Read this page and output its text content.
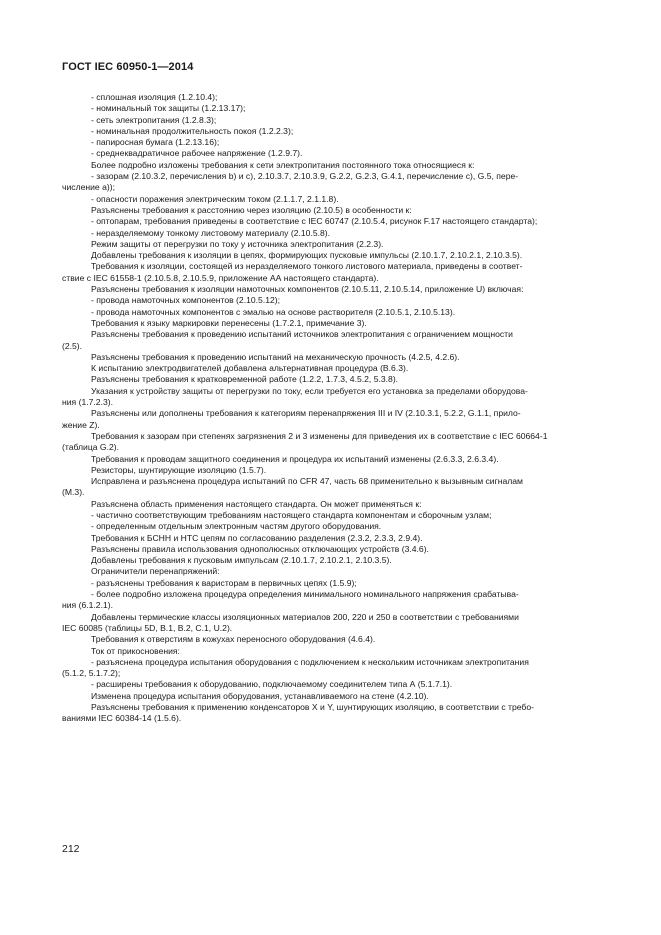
ГОСТ IEC 60950-1—2014
- сплошная изоляция (1.2.10.4);
- номинальный ток защиты (1.2.13.17);
- сеть электропитания (1.2.8.3);
- номинальная продолжительность покоя (1.2.2.3);
- папиросная бумага (1.2.13.16);
- среднеквадратичное рабочее напряжение (1.2.9.7).
Более подробно изложены требования к сети электропитания постоянного тока относящиеся к:
- зазорам (2.10.3.2, перечисления b) и с), 2.10.3.7, 2.10.3.9, G.2.2, G.2.3, G.4.1, перечисление с), G.5, пере-
числение а));
- опасности поражения электрическим током (2.1.1.7, 2.1.1.8).
Разъяснены требования к расстоянию через изоляцию (2.10.5) в особенности к:
- оптопарам, требования приведены в соответствие с IEC 60747 (2.10.5.4, рисунок F.17 настоящего стандарта);
- неразделяемому тонкому листовому материалу (2.10.5.8).
Режим защиты от перегрузки по току у источника электропитания (2.2.3).
Добавлены требования к изоляции в цепях, формирующих пусковые импульсы (2.10.1.7, 2.10.2.1, 2.10.3.5).
Требования к изоляции, состоящей из неразделяемого тонкого листового материала, приведены в соответ-
ствие с IEC 61558-1 (2.10.5.8, 2.10.5.9, приложение АА настоящего стандарта).
Разъяснены требования к изоляции намоточных компонентов (2.10.5.11, 2.10.5.14, приложение U) включая:
- провода намоточных компонентов (2.10.5.12);
- провода намоточных компонентов с эмалью на основе растворителя (2.10.5.1, 2.10.5.13).
Требования к языку маркировки перенесены (1.7.2.1, примечание 3).
Разъяснены требования к проведению испытаний источников электропитания с ограничением мощности
(2.5).
Разъяснены требования к проведению испытаний на механическую прочность (4.2.5, 4.2.6).
К испытанию электродвигателей добавлена альтернативная процедура (В.6.3).
Разъяснены требования к кратковременной работе (1.2.2, 1.7.3, 4.5.2, 5.3.8).
Указания к устройству защиты от перегрузки по току, если требуется его установка за пределами оборудова-
ния (1.7.2.3).
Разъяснены или дополнены требования к категориям перенапряжения III и IV (2.10.3.1, 5.2.2, G.1.1, прило-
жение Z).
Требования к зазорам при степенях загрязнения 2 и 3 изменены для приведения их в соответствие с IEC 60664-1
(таблица G.2).
Требования к проводам защитного соединения и процедура их испытаний изменены (2.6.3.3, 2.6.3.4).
Резисторы, шунтирующие изоляцию (1.5.7).
Исправлена и разъяснена процедура испытаний по CFR 47, часть 68 применительно к вызывным сигналам
(М.3).
Разъяснена область применения настоящего стандарта. Он может применяться к:
- частично соответствующим требованиям настоящего стандарта компонентам и сборочным узлам;
- определенным отдельным электронным частям другого оборудования.
Требования к БСНН и НТС цепям по согласованию разделения (2.3.2, 2.3.3, 2.9.4).
Разъяснены правила использования однополюсных отключающих устройств (3.4.6).
Добавлены требования к пусковым импульсам (2.10.1.7, 2.10.2.1, 2.10.3.5).
Ограничители перенапряжений:
- разъяснены требования к варисторам в первичных цепях (1.5.9);
- более подробно изложена процедура определения минимального номинального напряжения срабатыва-
ния (6.1.2.1).
Добавлены термические классы изоляционных материалов 200, 220 и 250 в соответствии с требованиями
IEC 60085 (таблицы 5D, B.1, B.2, C.1, U.2).
Требования к отверстиям в кожухах переносного оборудования (4.6.4).
Ток от прикосновения:
- разъяснена процедура испытания оборудования с подключением к нескольким источникам электропитания
(5.1.2, 5.1.7.2);
- расширены требования к оборудованию, подключаемому соединителем типа А (5.1.7.1).
Изменена процедура испытания оборудования, устанавливаемого на стене (4.2.10).
Разъяснены требования к применению конденсаторов X и Y, шунтирующих изоляцию, в соответствии с требо-
ваниями IEC 60384-14 (1.5.6).
212
